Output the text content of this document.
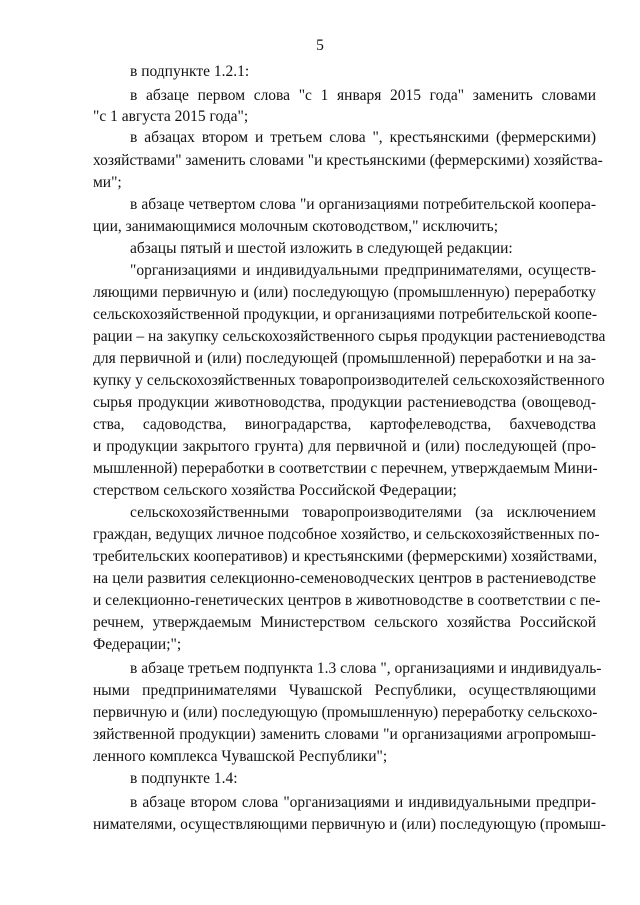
5
в подпункте 1.2.1:
в абзаце первом слова "с 1 января 2015 года" заменить словами
"с 1 августа 2015 года";
в абзацах втором и третьем слова ", крестьянскими (фермерскими)
хозяйствами" заменить словами "и крестьянскими (фермерскими) хозяйства-
ми";
в абзаце четвертом слова "и организациями потребительской коопера-
ции, занимающимися молочным скотоводством," исключить;
абзацы пятый и шестой изложить в следующей редакции:
"организациями и индивидуальными предпринимателями, осуществ-
ляющими первичную и (или) последующую (промышленную) переработку
сельскохозяйственной продукции, и организациями потребительской коопе-
рации – на закупку сельскохозяйственного сырья продукции растениеводства
для первичной и (или) последующей (промышленной) переработки и на за-
купку у сельскохозяйственных товаропроизводителей сельскохозяйственного
сырья продукции животноводства, продукции растениеводства (овощевод-
ства, садоводства, виноградарства, картофелеводства, бахчеводства
и продукции закрытого грунта) для первичной и (или) последующей (про-
мышленной) переработки в соответствии с перечнем, утверждаемым Мини-
стерством сельского хозяйства Российской Федерации;
сельскохозяйственными товаропроизводителями (за исключением
граждан, ведущих личное подсобное хозяйство, и сельскохозяйственных по-
требительских кооперативов) и крестьянскими (фермерскими) хозяйствами,
на цели развития селекционно-семеноводческих центров в растениеводстве
и селекционно-генетических центров в животноводстве в соответствии с пе-
речнем, утверждаемым Министерством сельского хозяйства Российской
Федерации;";
в абзаце третьем подпункта 1.3 слова ", организациями и индивидуаль-
ными предпринимателями Чувашской Республики, осуществляющими
первичную и (или) последующую (промышленную) переработку сельскохо-
зяйственной продукции) заменить словами "и организациями агропромыш-
ленного комплекса Чувашской Республики";
в подпункте 1.4:
в абзаце втором слова "организациями и индивидуальными предпри-
нимателями, осуществляющими первичную и (или) последующую (промыш-
